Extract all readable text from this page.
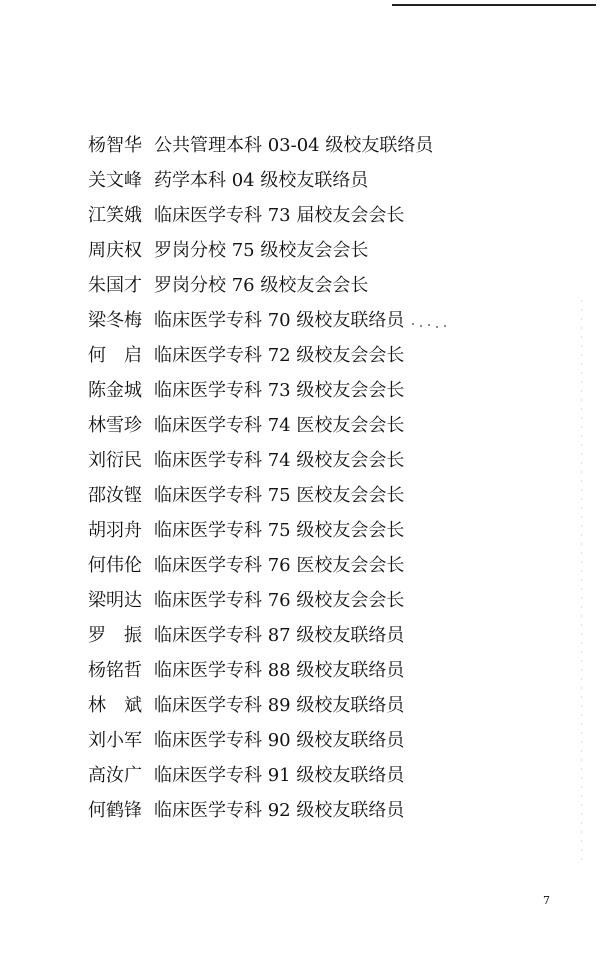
杨智华 公共管理本科 03-04 级校友联络员
关文峰 药学本科 04 级校友联络员
江笑娥 临床医学专科 73 届校友会会长
周庆权 罗岗分校 75 级校友会会长
朱国才 罗岗分校 76 级校友会会长
梁冬梅 临床医学专科 70 级校友联络员
何　启 临床医学专科 72 级校友会会长
陈金城 临床医学专科 73 级校友会会长
林雪珍 临床医学专科 74 医校友会会长
刘衍民 临床医学专科 74 级校友会会长
邵汝铿 临床医学专科 75 医校友会会长
胡羽舟 临床医学专科 75 级校友会会长
何伟伦 临床医学专科 76 医校友会会长
梁明达 临床医学专科 76 级校友会会长
罗　振 临床医学专科 87 级校友联络员
杨铭哲 临床医学专科 88 级校友联络员
林　斌 临床医学专科 89 级校友联络员
刘小军 临床医学专科 90 级校友联络员
高汝广 临床医学专科 91 级校友联络员
何鹤锋 临床医学专科 92 级校友联络员
7
